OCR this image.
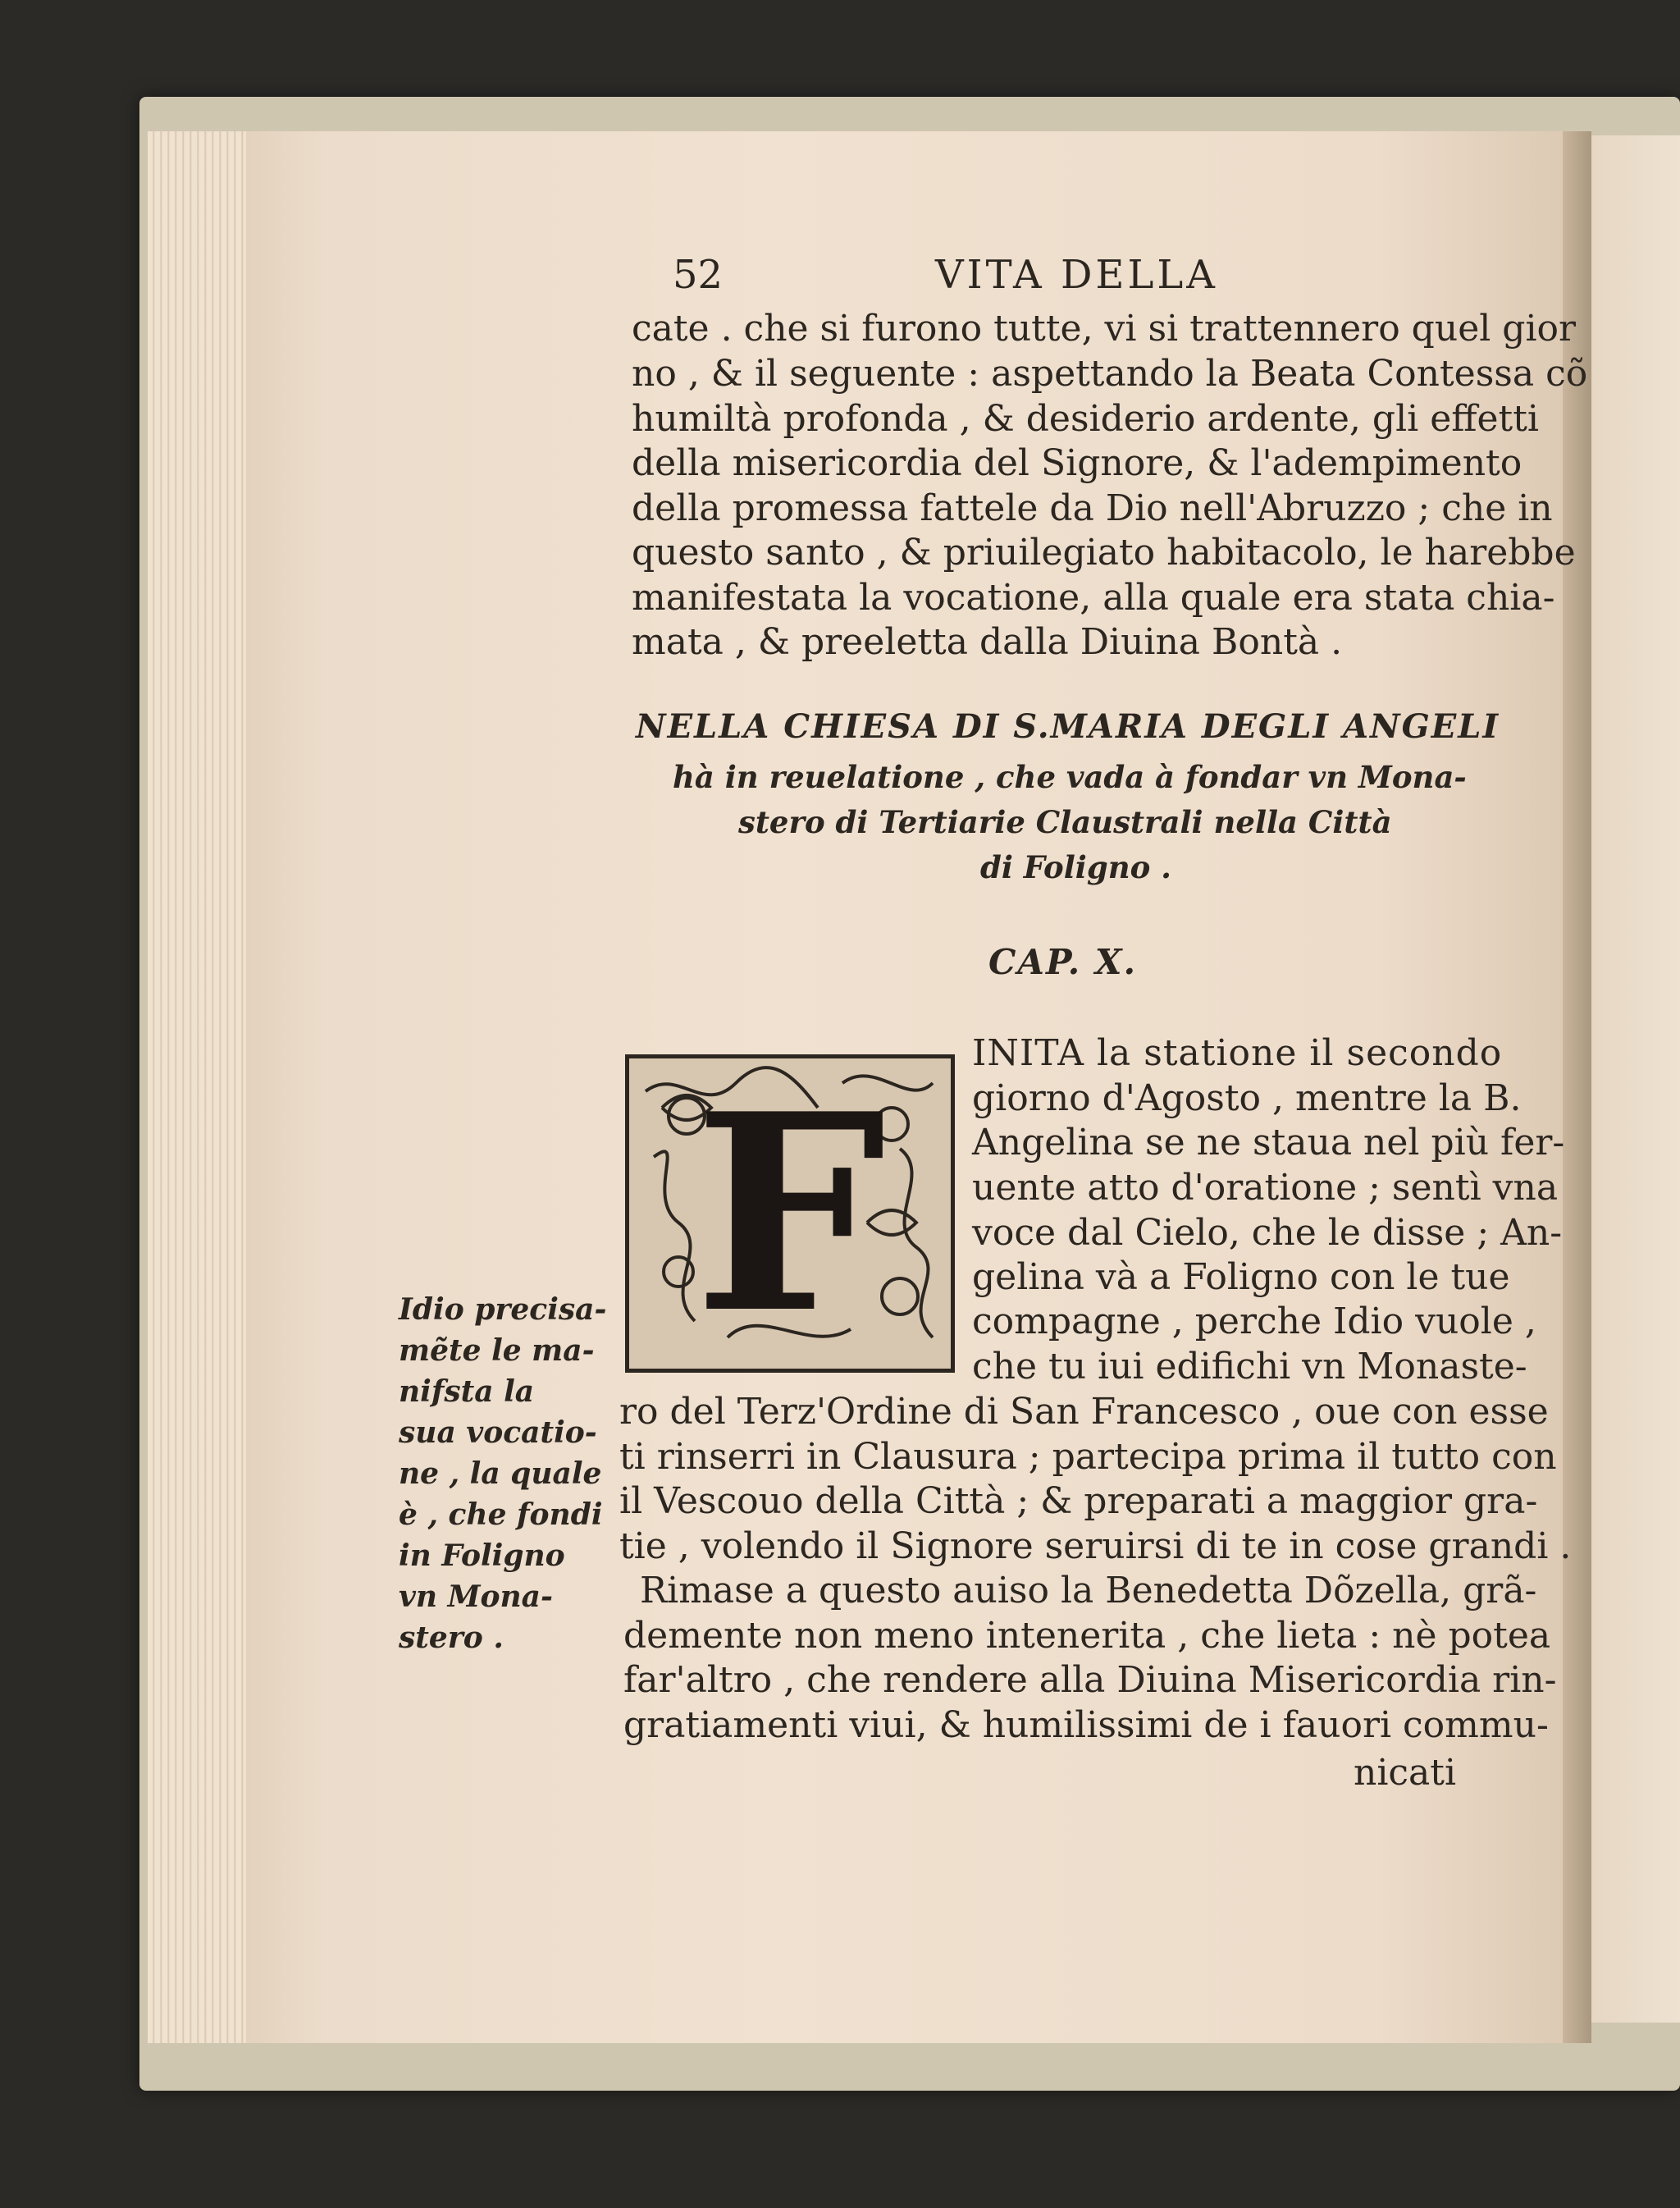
52	VITA DELLA
cate . che si furono tutte, vi si trattennero quel gior
no , & il seguente : aspettando la Beata Contessa cõ
humiltà profonda , & desiderio ardente, gli effetti
della misericordia del Signore, & l'adempimento
della promessa fattele da Dio nell'Abruzzo ; che in
questo santo , & priuilegiato habitacolo, le harebbe
manifestata la vocatione, alla quale era stata chia-
mata , & preeletta dalla Diuina Bontà .
NELLA CHIESA DI S.MARIA DEGLI ANGELI
hà in reuelatione , che vada à fondar vn Mona-
stero di Tertiarie Claustrali nella Città
di Foligno .
CAP. X.
F
INITA la statione il secondo
giorno d'Agosto , mentre la B.
Angelina se ne staua nel più fer-
uente atto d'oratione ; sentì vna
voce dal Cielo, che le disse ; An-
gelina và a Foligno con le tue
compagne , perche Idio vuole ,
che tu iui edifichi vn Monaste-
ro del Terz'Ordine di San Francesco , oue con esse
ti rinserri in Clausura ; partecipa prima il tutto con
il Vescouo della Città ; & preparati a maggior gra-
tie , volendo il Signore seruirsi di te in cose grandi .
Rimase a questo auiso la Benedetta Dõzella, grã-
demente non meno intenerita , che lieta : nè potea
far'altro , che rendere alla Diuina Misericordia rin-
gratiamenti viui, & humilissimi de i fauori commu-
nicati
Idio precisa-
mẽte le ma-
nifsta la
sua vocatio-
ne , la quale
è , che fondi
in Foligno
vn Mona-
stero .
